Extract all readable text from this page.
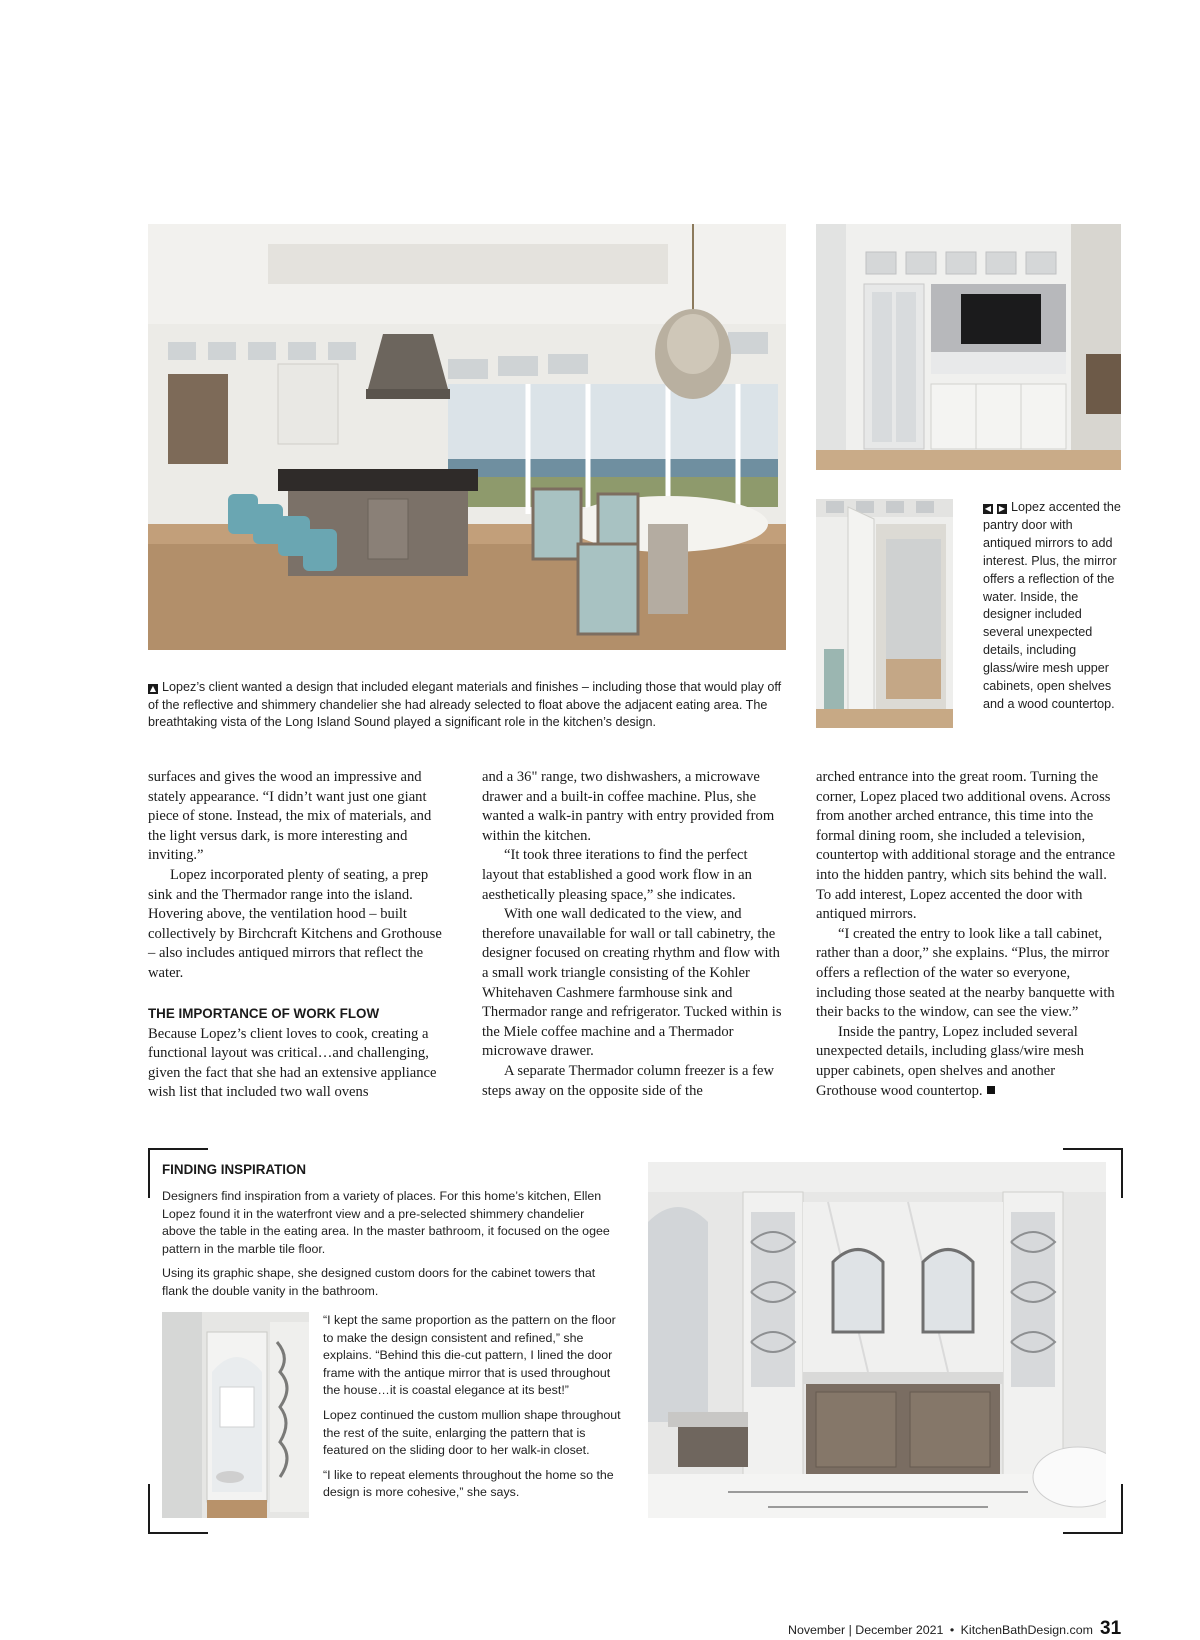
▲ Lopez’s client wanted a design that included elegant materials and finishes – including those that would play off of the reflective and shimmery chandelier she had already selected to float above the adjacent eating area. The breathtaking vista of the Long Island Sound played a significant role in the kitchen’s design.
◀ ▶ Lopez accented the pantry door with antiqued mirrors to add interest. Plus, the mirror offers a reflection of the water. Inside, the designer included several unexpected details, including glass/wire mesh upper cabinets, open shelves and a wood countertop.

surfaces and gives the wood an impressive and stately appearance. “I didn’t want just one giant piece of stone. Instead, the mix of materials, and the light versus dark, is more interesting and inviting.”

Lopez incorporated plenty of seating, a prep sink and the Thermador range into the island. Hovering above, the ventilation hood – built collectively by Birchcraft Kitchens and Grothouse – also includes antiqued mirrors that reflect the water.

THE IMPORTANCE OF WORK FLOW

Because Lopez’s client loves to cook, creating a functional layout was critical…and challenging, given the fact that she had an extensive appliance wish list that included two wall ovens

and a 36" range, two dishwashers, a microwave drawer and a built-in coffee machine. Plus, she wanted a walk-in pantry with entry provided from within the kitchen.

“It took three iterations to find the perfect layout that established a good work flow in an aesthetically pleasing space,” she indicates.

With one wall dedicated to the view, and therefore unavailable for wall or tall cabinetry, the designer focused on creating rhythm and flow with a small work triangle consisting of the Kohler Whitehaven Cashmere farmhouse sink and Thermador range and refrigerator. Tucked within is the Miele coffee machine and a Thermador microwave drawer.

A separate Thermador column freezer is a few steps away on the opposite side of the

arched entrance into the great room. Turning the corner, Lopez placed two additional ovens. Across from another arched entrance, this time into the formal dining room, she included a television, countertop with additional storage and the entrance into the hidden pantry, which sits behind the wall. To add interest, Lopez accented the door with antiqued mirrors.

“I created the entry to look like a tall cabinet, rather than a door,” she explains. “Plus, the mirror offers a reflection of the water so everyone, including those seated at the nearby banquette with their backs to the window, can see the view.”

Inside the pantry, Lopez included several unexpected details, including glass/wire mesh upper cabinets, open shelves and another Grothouse wood countertop.

FINDING INSPIRATION

Designers find inspiration from a variety of places. For this home’s kitchen, Ellen Lopez found it in the waterfront view and a pre-selected shimmery chandelier above the table in the eating area. In the master bathroom, it focused on the ogee pattern in the marble tile floor.

Using its graphic shape, she designed custom doors for the cabinet towers that flank the double vanity in the bathroom.

“I kept the same proportion as the pattern on the floor to make the design consistent and refined,” she explains. “Behind this die-cut pattern, I lined the door frame with the antique mirror that is used throughout the house…it is coastal elegance at its best!”

Lopez continued the custom mullion shape throughout the rest of the suite, enlarging the pattern that is featured on the sliding door to her walk-in closet.

“I like to repeat elements throughout the home so the design is more cohesive,” she says.

November | December 2021 • KitchenBathDesign.com 31
